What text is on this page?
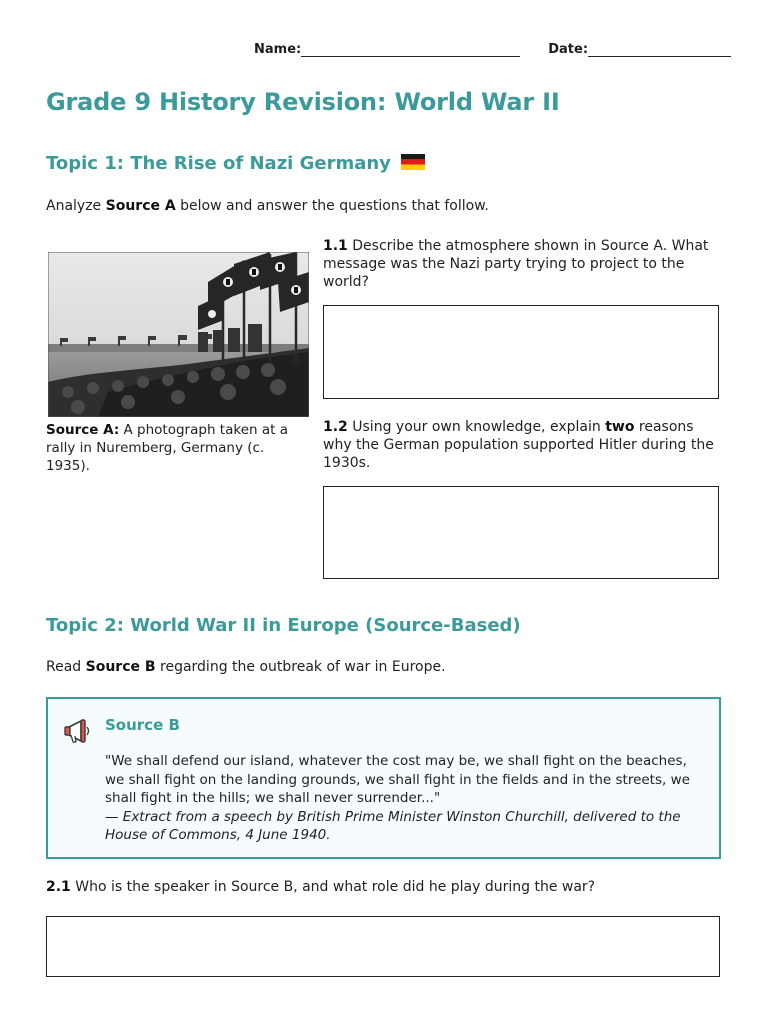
Name:	Date:
Grade 9 History Revision: World War II
Topic 1: The Rise of Nazi Germany
Analyze Source A below and answer the questions that follow.
Source A: A photograph taken at a rally in Nuremberg, Germany (c. 1935).
1.1 Describe the atmosphere shown in Source A. What message was the Nazi party trying to project to the world?
1.2 Using your own knowledge, explain two reasons why the German population supported Hitler during the 1930s.
Topic 2: World War II in Europe (Source-Based)
Read Source B regarding the outbreak of war in Europe.
Source B
"We shall defend our island, whatever the cost may be, we shall fight on the beaches, we shall fight on the landing grounds, we shall fight in the fields and in the streets, we shall fight in the hills; we shall never surrender..."
— Extract from a speech by British Prime Minister Winston Churchill, delivered to the House of Commons, 4 June 1940.
2.1 Who is the speaker in Source B, and what role did he play during the war?
